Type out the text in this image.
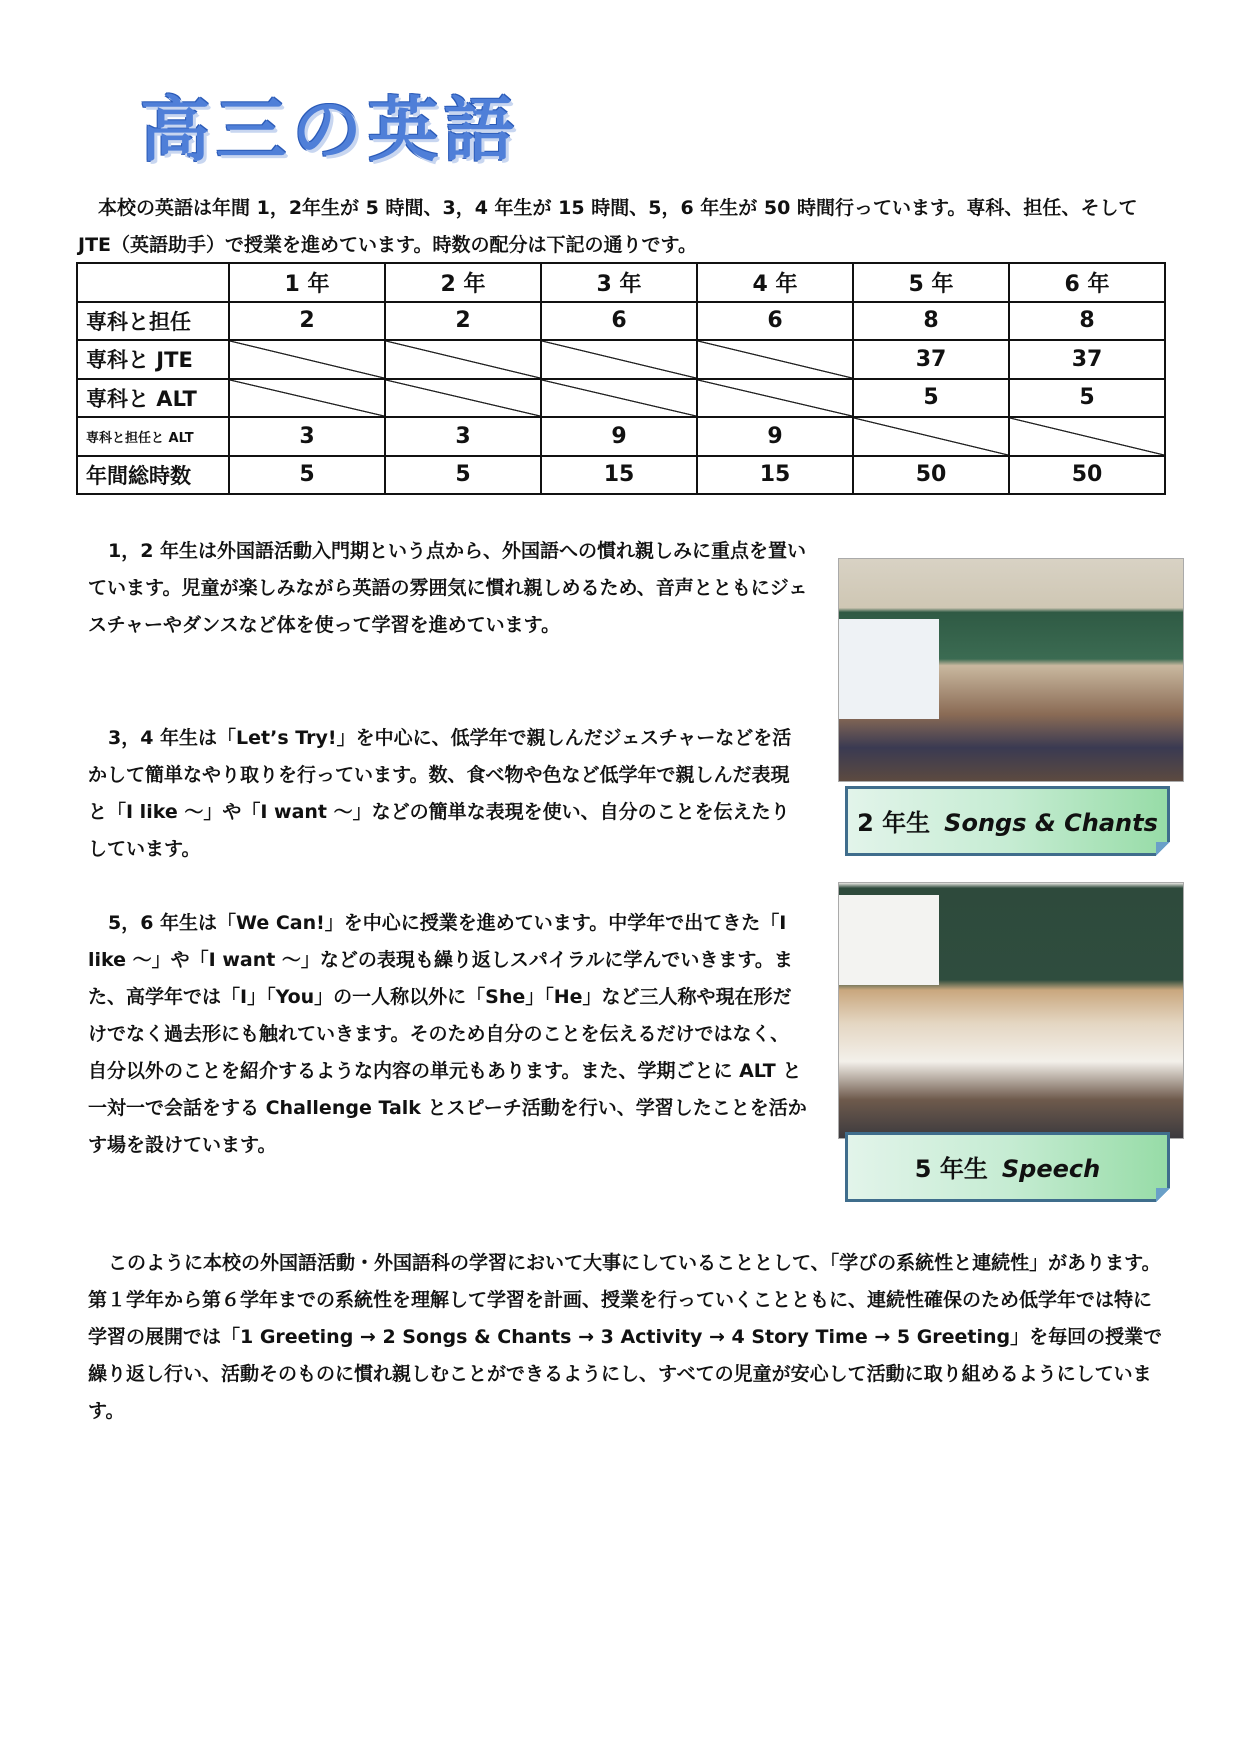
高三の英語

本校の英語は年間 1，2年生が 5 時間、3，4 年生が 15 時間、5，6 年生が 50 時間行っています。専科、担任、そして JTE（英語助手）で授業を進めています。時数の配分は下記の通りです。

	1 年	2 年	3 年	4 年	5 年	6 年
専科と担任	2	2	6	6	8	8
専科と JTE					37	37
専科と ALT					5	5
専科と担任と ALT	3	3	9	9		
年間総時数	5	5	15	15	50	50

1，2 年生は外国語活動入門期という点から、外国語への慣れ親しみに重点を置いています。児童が楽しみながら英語の雰囲気に慣れ親しめるため、音声とともにジェスチャーやダンスなど体を使って学習を進めています。

3，4 年生は「Let’s Try!」を中心に、低学年で親しんだジェスチャーなどを活かして簡単なやり取りを行っています。数、食べ物や色など低学年で親しんだ表現と「I like ～」や「I want ～」などの簡単な表現を使い、自分のことを伝えたりしています。

5，6 年生は「We Can!」を中心に授業を進めています。中学年で出てきた「I like ～」や「I want ～」などの表現も繰り返しスパイラルに学んでいきます。また、高学年では「I」「You」の一人称以外に「She」「He」など三人称や現在形だけでなく過去形にも触れていきます。そのため自分のことを伝えるだけではなく、自分以外のことを紹介するような内容の単元もあります。また、学期ごとに ALT と一対一で会話をする Challenge Talk とスピーチ活動を行い、学習したことを活かす場を設けています。

2 年生 Songs & Chants
5 年生 Speech

このように本校の外国語活動・外国語科の学習において大事にしていることとして、「学びの系統性と連続性」があります。第１学年から第６学年までの系統性を理解して学習を計画、授業を行っていくことともに、連続性確保のため低学年では特に学習の展開では「1 Greeting → 2 Songs & Chants → 3 Activity → 4 Story Time → 5 Greeting」を毎回の授業で繰り返し行い、活動そのものに慣れ親しむことができるようにし、すべての児童が安心して活動に取り組めるようにしています。
